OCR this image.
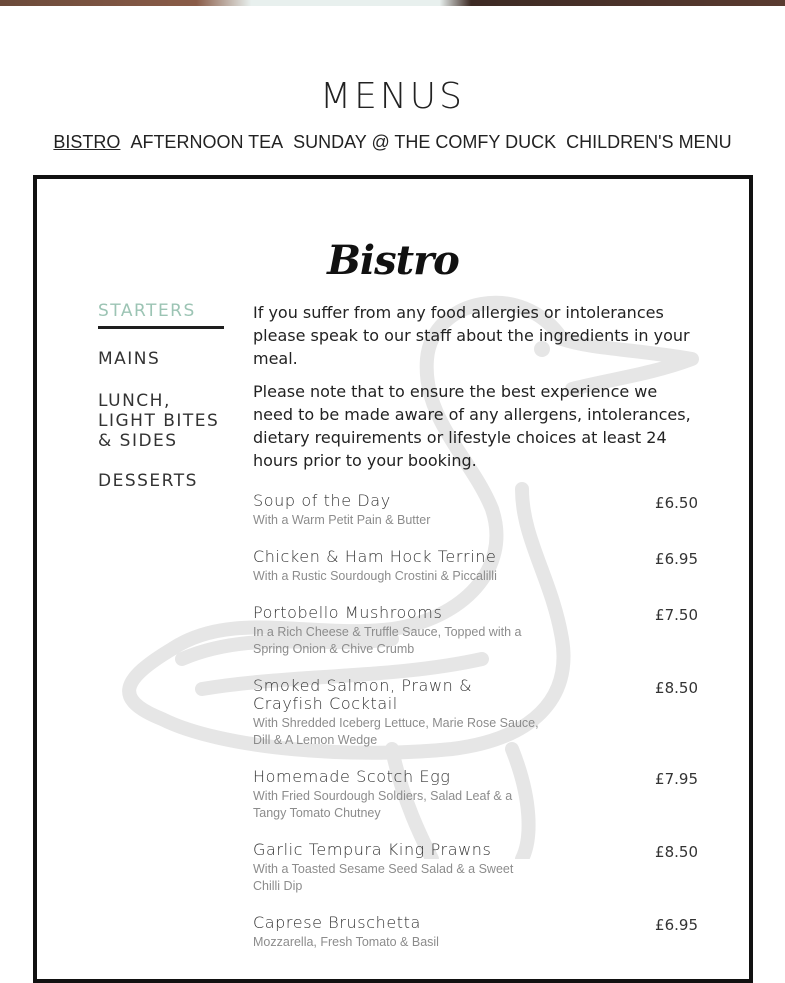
MENUS
BISTRO AFTERNOON TEA SUNDAY @ THE COMFY DUCK CHILDREN'S MENU
Bistro
STARTERS
MAINS
LUNCH, LIGHT BITES & SIDES
DESSERTS

If you suffer from any food allergies or intolerances please speak to our staff about the ingredients in your meal.

Please note that to ensure the best experience we need to be made aware of any allergens, intolerances, dietary requirements or lifestyle choices at least 24 hours prior to your booking.

Soup of the Day
With a Warm Petit Pain & Butter
£6.50
Chicken & Ham Hock Terrine
With a Rustic Sourdough Crostini & Piccalilli
£6.95
Portobello Mushrooms
In a Rich Cheese & Truffle Sauce, Topped with a Spring Onion & Chive Crumb
£7.50
Smoked Salmon, Prawn & Crayfish Cocktail
With Shredded Iceberg Lettuce, Marie Rose Sauce, Dill & A Lemon Wedge
£8.50
Homemade Scotch Egg
With Fried Sourdough Soldiers, Salad Leaf & a Tangy Tomato Chutney
£7.95
Garlic Tempura King Prawns
With a Toasted Sesame Seed Salad & a Sweet Chilli Dip
£8.50
Caprese Bruschetta
Mozzarella, Fresh Tomato & Basil
£6.95
